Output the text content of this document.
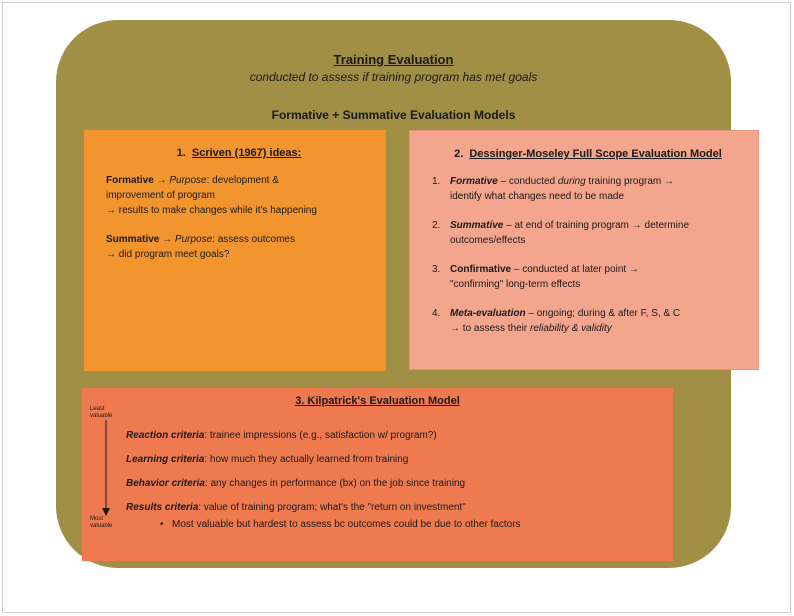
Training Evaluation
conducted to assess if training program has met goals
Formative + Summative Evaluation Models
1. Scriven (1967) ideas:
Formative → Purpose: development &
improvement of program
→ results to make changes while it's happening
Summative → Purpose: assess outcomes
→ did program meet goals?
2. Dessinger-Moseley Full Scope Evaluation Model
1. Formative – conducted during training program →
identify what changes need to be made
2. Summative – at end of training program → determine
outcomes/effects
3. Confirmative – conducted at later point →
"confirming" long-term effects
4. Meta-evaluation – ongoing; during & after F, S, & C
→ to assess their reliability & validity
3. Kilpatrick's Evaluation Model
Least
valuable
Most
valuable
Reaction criteria: trainee impressions (e.g., satisfaction w/ program?)
Learning criteria: how much they actually learned from training
Behavior criteria: any changes in performance (bx) on the job since training
Results criteria: value of training program; what's the "return on investment"
• Most valuable but hardest to assess bc outcomes could be due to other factors
